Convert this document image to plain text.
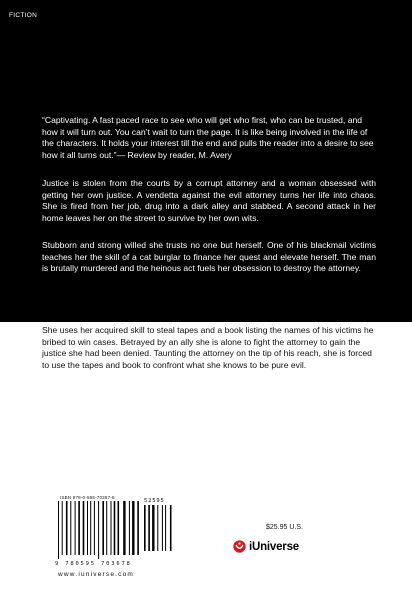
FICTION
“Captivating. A fast paced race to see who will get who first, who can be trusted, and how it will turn out. You can’t wait to turn the page. It is like being involved in the life of the characters. It holds your interest till the end and pulls the reader into a desire to see how it all turns out.”— Review by reader, M. Avery
Justice is stolen from the courts by a corrupt attorney and a woman obsessed with getting her own justice. A vendetta against the evil attorney turns her life into chaos. She is fired from her job, drug into a dark alley and stabbed. A second attack in her home leaves her on the street to survive by her own wits.
Stubborn and strong willed she trusts no one but herself. One of his blackmail victims teaches her the skill of a cat burglar to finance her quest and elevate herself. The man is brutally murdered and the heinous act fuels her obsession to destroy the attorney.
She uses her acquired skill to steal tapes and a book listing the names of his victims he bribed to win cases. Betrayed by an ally she is alone to fight the attorney to gain the justice she had been denied. Taunting the attorney on the tip of his reach, she is forced to use the tapes and book to confront what she knows to be pure evil.
ISBN 978-0-595-70367-8
9 780595 703678
52595
www.iuniverse.com
$25.95 U.S.
iUniverse
